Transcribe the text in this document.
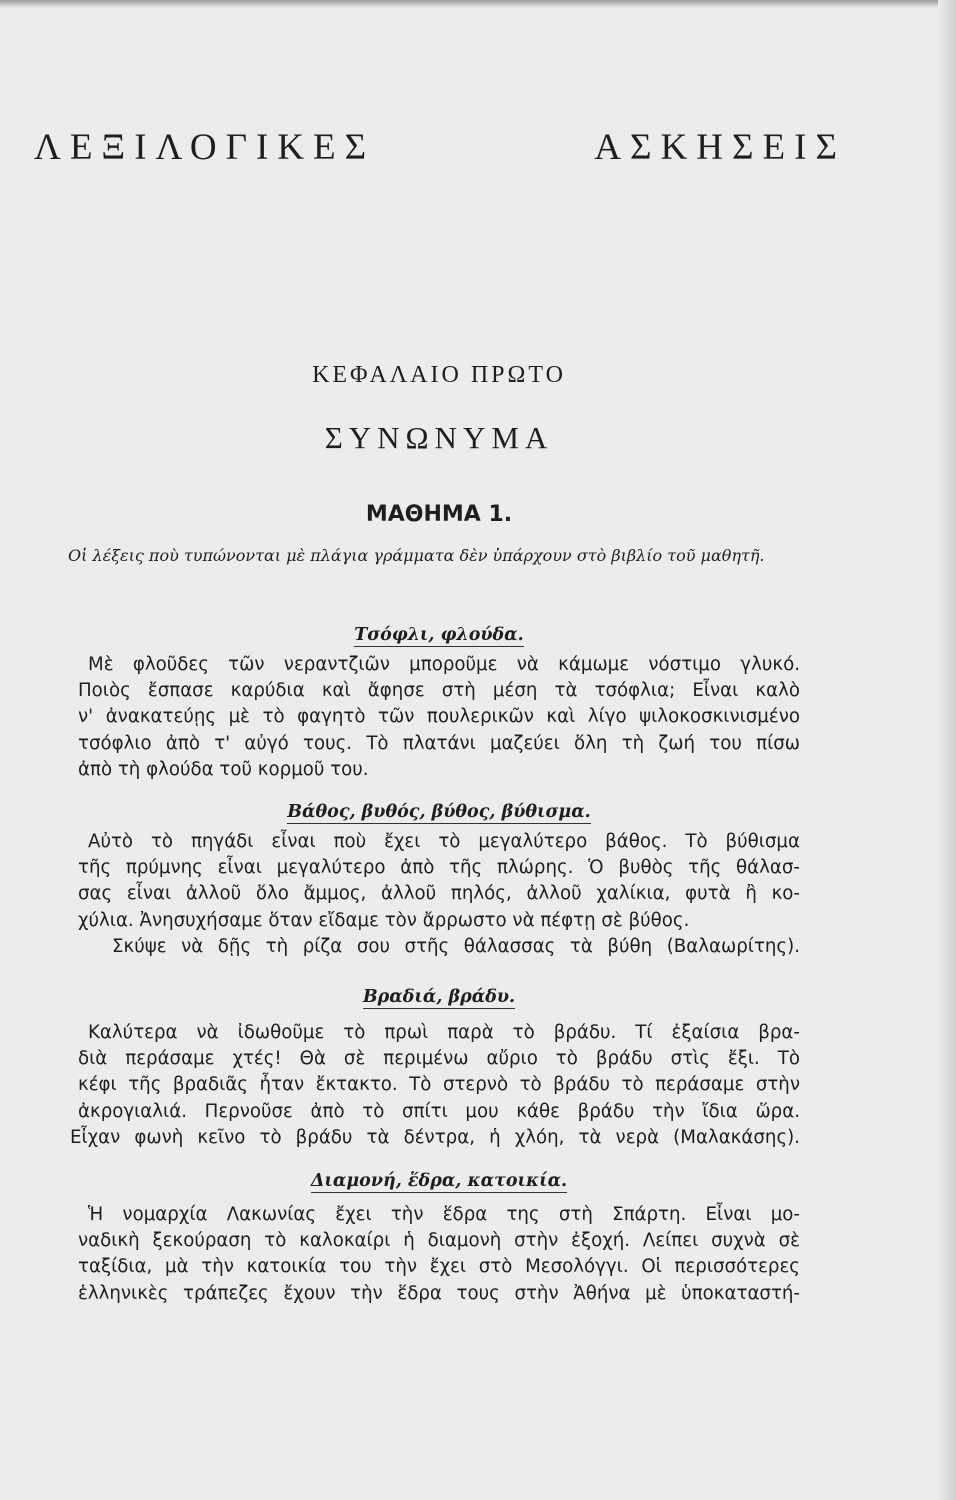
ΛΕΞΙΛΟΓΙΚΕΣ ΑΣΚΗΣΕΙΣ
ΚΕΦΑΛΑΙΟ ΠΡΩΤΟ
ΣΥΝΩΝΥΜΑ
ΜΑΘΗΜΑ 1.

Οἱ λέξεις ποὺ τυπώνονται μὲ πλάγια γράμματα δὲν ὑπάρχουν στὸ βιβλίο τοῦ μαθητῆ.

Τσόφλι, φλούδα.
Μὲ φλοῦδες τῶν νεραντζιῶν μποροῦμε νὰ κάμωμε νόστιμο γλυκό.
Ποιὸς ἔσπασε καρύδια καὶ ἄφησε στὴ μέση τὰ τσόφλια; Εἶναι καλὸ
ν' ἀνακατεύῃς μὲ τὸ φαγητὸ τῶν πουλερικῶν καὶ λίγο ψιλοκοσκινισμένο
τσόφλιο ἀπὸ τ' αὐγό τους. Τὸ πλατάνι μαζεύει ὅλη τὴ ζωή του πίσω
ἀπὸ τὴ φλούδα τοῦ κορμοῦ του.
Βάθος, βυθός, βύθος, βύθισμα.
Αὐτὸ τὸ πηγάδι εἶναι ποὺ ἔχει τὸ μεγαλύτερο βάθος. Τὸ βύθισμα
τῆς πρύμνης εἶναι μεγαλύτερο ἀπὸ τῆς πλώρης. Ὁ βυθὸς τῆς θάλασ-
σας εἶναι ἀλλοῦ ὅλο ἄμμος, ἀλλοῦ πηλός, ἀλλοῦ χαλίκια, φυτὰ ἢ κο-
χύλια. Ἀνησυχήσαμε ὅταν εἴδαμε τὸν ἄρρωστο νὰ πέφτῃ σὲ βύθος.
Σκύψε νὰ δῇς τὴ ρίζα σου στῆς θάλασσας τὰ βύθη (Βαλαωρίτης).
Βραδιά, βράδυ.
Καλύτερα νὰ ἰδωθοῦμε τὸ πρωὶ παρὰ τὸ βράδυ. Τί ἐξαίσια βρα-
διὰ περάσαμε χτές! Θὰ σὲ περιμένω αὔριο τὸ βράδυ στὶς ἔξι. Τὸ
κέφι τῆς βραδιᾶς ἦταν ἔκτακτο. Τὸ στερνὸ τὸ βράδυ τὸ περάσαμε στὴν
ἀκρογιαλιά. Περνοῦσε ἀπὸ τὸ σπίτι μου κάθε βράδυ τὴν ἴδια ὥρα.
Εἶχαν φωνὴ κεῖνο τὸ βράδυ τὰ δέντρα, ἡ χλόη, τὰ νερὰ (Μαλακάσης).
Διαμονή, ἕδρα, κατοικία.
Ἡ νομαρχία Λακωνίας ἔχει τὴν ἕδρα της στὴ Σπάρτη. Εἶναι μο-
ναδικὴ ξεκούραση τὸ καλοκαίρι ἡ διαμονὴ στὴν ἐξοχή. Λείπει συχνὰ σὲ
ταξίδια, μὰ τὴν κατοικία του τὴν ἔχει στὸ Μεσολόγγι. Οἱ περισσότερες
ἑλληνικὲς τράπεζες ἔχουν τὴν ἕδρα τους στὴν Ἀθήνα μὲ ὑποκαταστή-
